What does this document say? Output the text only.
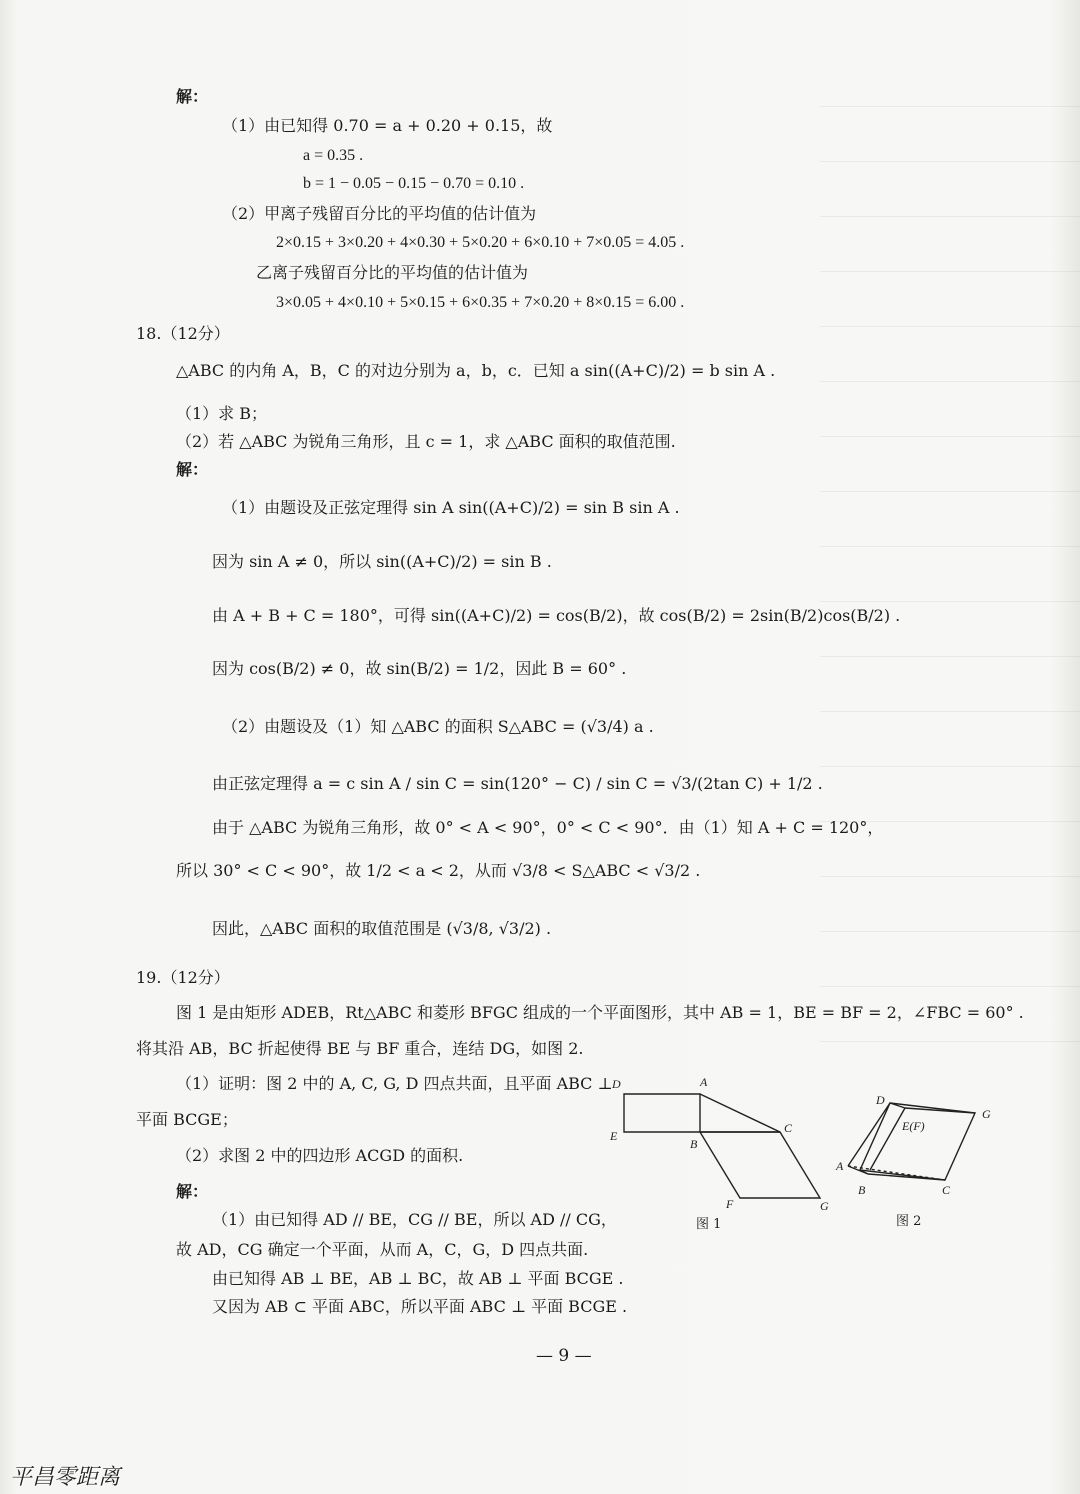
解：
（1）由已知得 0.70 = a + 0.20 + 0.15，故
a = 0.35 .
b = 1 − 0.05 − 0.15 − 0.70 = 0.10 .
（2）甲离子残留百分比的平均值的估计值为
2×0.15 + 3×0.20 + 4×0.30 + 5×0.20 + 6×0.10 + 7×0.05 = 4.05 .
乙离子残留百分比的平均值的估计值为
3×0.05 + 4×0.10 + 5×0.15 + 6×0.35 + 7×0.20 + 8×0.15 = 6.00 .
18.（12分）
△ABC 的内角 A，B，C 的对边分别为 a，b，c．已知 a sin((A+C)/2) = b sin A .
（1）求 B；
（2）若 △ABC 为锐角三角形，且 c = 1，求 △ABC 面积的取值范围.
解：
（1）由题设及正弦定理得 sin A sin((A+C)/2) = sin B sin A .
因为 sin A ≠ 0，所以 sin((A+C)/2) = sin B .
由 A + B + C = 180°，可得 sin((A+C)/2) = cos(B/2)，故 cos(B/2) = 2sin(B/2)cos(B/2) .
因为 cos(B/2) ≠ 0，故 sin(B/2) = 1/2，因此 B = 60° .
（2）由题设及（1）知 △ABC 的面积 S△ABC = (√3/4) a .
由正弦定理得 a = c sin A / sin C = sin(120° − C) / sin C = √3/(2tan C) + 1/2 .
由于 △ABC 为锐角三角形，故 0° < A < 90°，0° < C < 90°．由（1）知 A + C = 120°，
所以 30° < C < 90°，故 1/2 < a < 2，从而 √3/8 < S△ABC < √3/2 .
因此，△ABC 面积的取值范围是 (√3/8, √3/2) .
19.（12分）
图 1 是由矩形 ADEB，Rt△ABC 和菱形 BFGC 组成的一个平面图形，其中 AB = 1，BE = BF = 2，∠FBC = 60° .
将其沿 AB，BC 折起使得 BE 与 BF 重合，连结 DG，如图 2.
（1）证明：图 2 中的 A, C, G, D 四点共面，且平面 ABC ⊥
平面 BCGE；
（2）求图 2 中的四边形 ACGD 的面积.
解：
（1）由已知得 AD // BE，CG // BE，所以 AD // CG，
故 AD，CG 确定一个平面，从而 A，C，G，D 四点共面.
由已知得 AB ⊥ BE，AB ⊥ BC，故 AB ⊥ 平面 BCGE .
又因为 AB ⊂ 平面 ABC，所以平面 ABC ⊥ 平面 BCGE .
D	A
E
B
C
F	G
图 1
D
G
E(F)
A
B	C
图 2
— 9 —
平昌零距离
